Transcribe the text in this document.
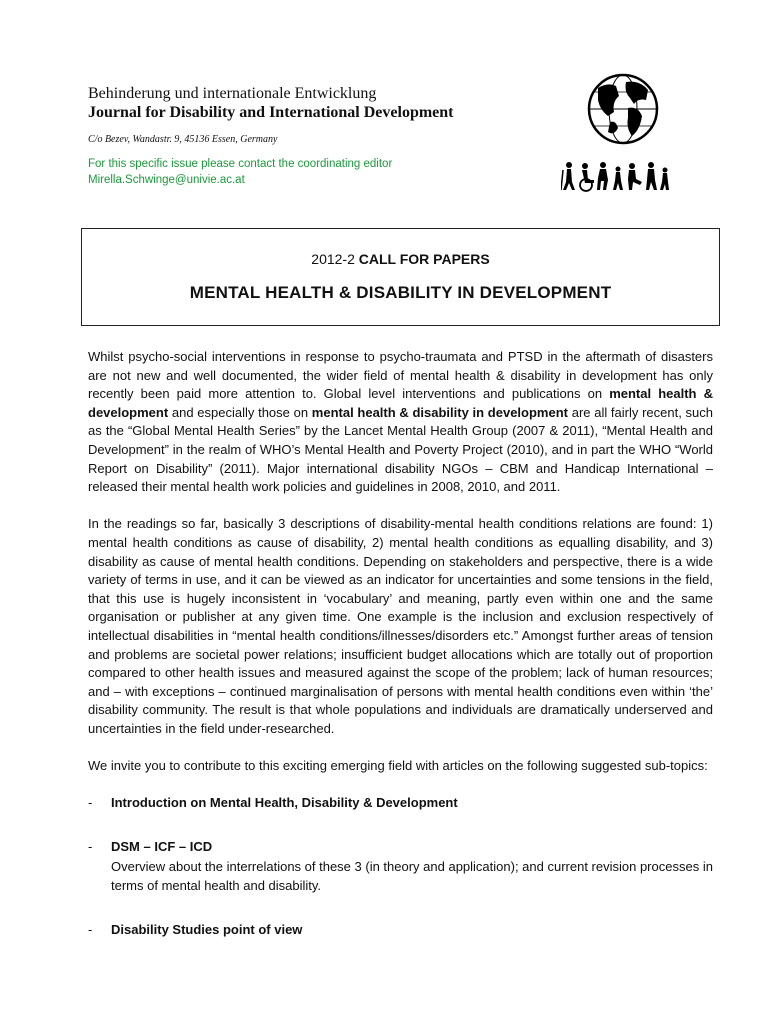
Behinderung und internationale Entwicklung
Journal for Disability and International Development
C/o Bezev, Wandastr. 9, 45136 Essen, Germany
For this specific issue please contact the coordinating editor
Mirella.Schwinge@univie.ac.at
2012-2 CALL FOR PAPERS
MENTAL HEALTH & DISABILITY IN DEVELOPMENT

Whilst psycho-social interventions in response to psycho-traumata and PTSD in the aftermath of disasters are not new and well documented, the wider field of mental health & disability in development has only recently been paid more attention to. Global level interventions and publications on mental health & development and especially those on mental health & disability in development are all fairly recent, such as the “Global Mental Health Series” by the Lancet Mental Health Group (2007 & 2011), “Mental Health and Development” in the realm of WHO’s Mental Health and Poverty Project (2010), and in part the WHO “World Report on Disability” (2011). Major international disability NGOs – CBM and Handicap International – released their mental health work policies and guidelines in 2008, 2010, and 2011.

In the readings so far, basically 3 descriptions of disability-mental health conditions relations are found: 1) mental health conditions as cause of disability, 2) mental health conditions as equalling disability, and 3) disability as cause of mental health conditions. Depending on stakeholders and perspective, there is a wide variety of terms in use, and it can be viewed as an indicator for uncertainties and some tensions in the field, that this use is hugely inconsistent in ‘vocabulary’ and meaning, partly even within one and the same organisation or publisher at any given time. One example is the inclusion and exclusion respectively of intellectual disabilities in “mental health conditions/illnesses/disorders etc.” Amongst further areas of tension and problems are societal power relations; insufficient budget allocations which are totally out of proportion compared to other health issues and measured against the scope of the problem; lack of human resources; and – with exceptions – continued marginalisation of persons with mental health conditions even within ‘the’ disability community. The result is that whole populations and individuals are dramatically underserved and uncertainties in the field under-researched.

We invite you to contribute to this exciting emerging field with articles on the following suggested sub-topics:

- Introduction on Mental Health, Disability & Development
- DSM – ICF – ICD
Overview about the interrelations of these 3 (in theory and application); and current revision processes in terms of mental health and disability.
- Disability Studies point of view
